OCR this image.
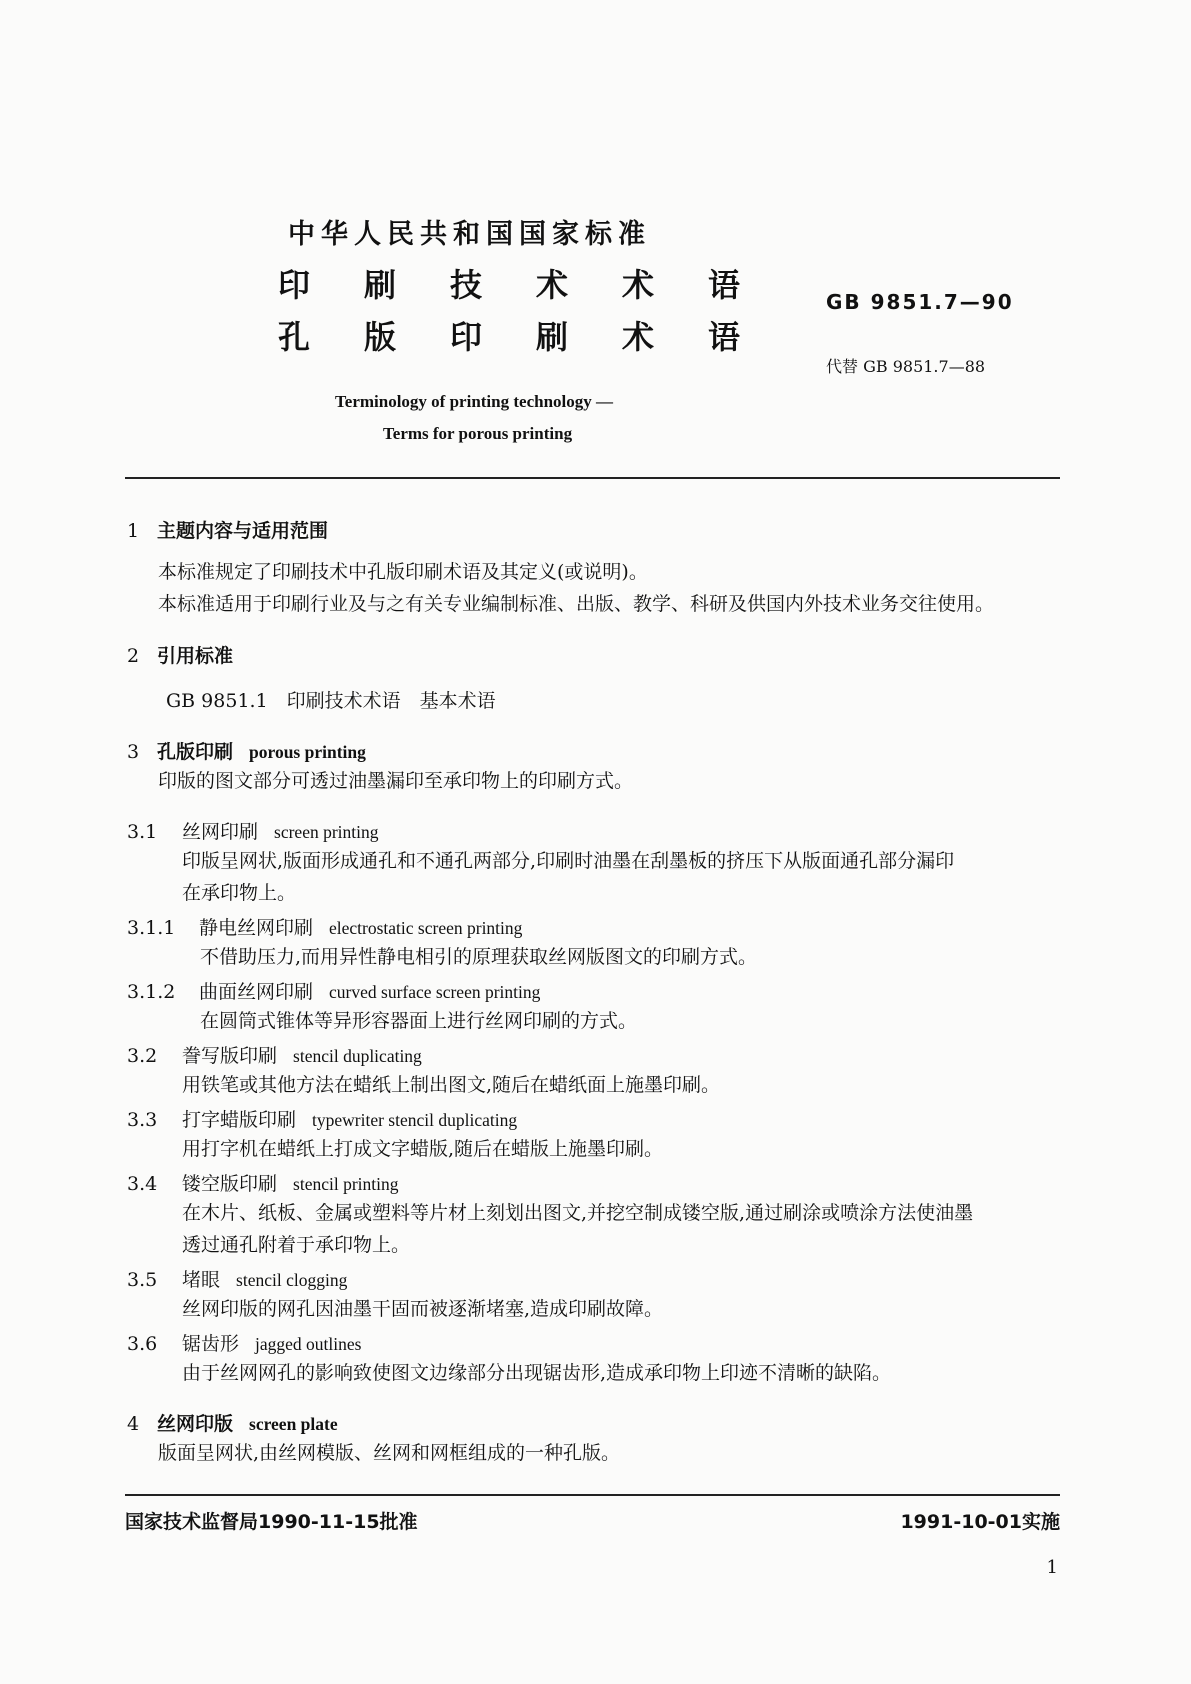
中华人民共和国国家标准
印 刷 技 术 术 语
孔 版 印 刷 术 语
GB 9851.7—90
代替 GB 9851.7—88
Terminology of printing technology —
Terms for porous printing
1 主题内容与适用范围
本标准规定了印刷技术中孔版印刷术语及其定义(或说明)。
本标准适用于印刷行业及与之有关专业编制标准、出版、教学、科研及供国内外技术业务交往使用。
2 引用标准
GB 9851.1　印刷技术术语　基本术语
3 孔版印刷 porous printing
印版的图文部分可透过油墨漏印至承印物上的印刷方式。
3.1 丝网印刷 screen printing
印版呈网状,版面形成通孔和不通孔两部分,印刷时油墨在刮墨板的挤压下从版面通孔部分漏印
在承印物上。
3.1.1 静电丝网印刷 electrostatic screen printing
不借助压力,而用异性静电相引的原理获取丝网版图文的印刷方式。
3.1.2 曲面丝网印刷 curved surface screen printing
在圆筒式锥体等异形容器面上进行丝网印刷的方式。
3.2 誊写版印刷 stencil duplicating
用铁笔或其他方法在蜡纸上制出图文,随后在蜡纸面上施墨印刷。
3.3 打字蜡版印刷 typewriter stencil duplicating
用打字机在蜡纸上打成文字蜡版,随后在蜡版上施墨印刷。
3.4 镂空版印刷 stencil printing
在木片、纸板、金属或塑料等片材上刻划出图文,并挖空制成镂空版,通过刷涂或喷涂方法使油墨
透过通孔附着于承印物上。
3.5 堵眼 stencil clogging
丝网印版的网孔因油墨干固而被逐渐堵塞,造成印刷故障。
3.6 锯齿形 jagged outlines
由于丝网网孔的影响致使图文边缘部分出现锯齿形,造成承印物上印迹不清晰的缺陷。
4 丝网印版 screen plate
版面呈网状,由丝网模版、丝网和网框组成的一种孔版。
国家技术监督局1990-11-15批准	1991-10-01实施
1
